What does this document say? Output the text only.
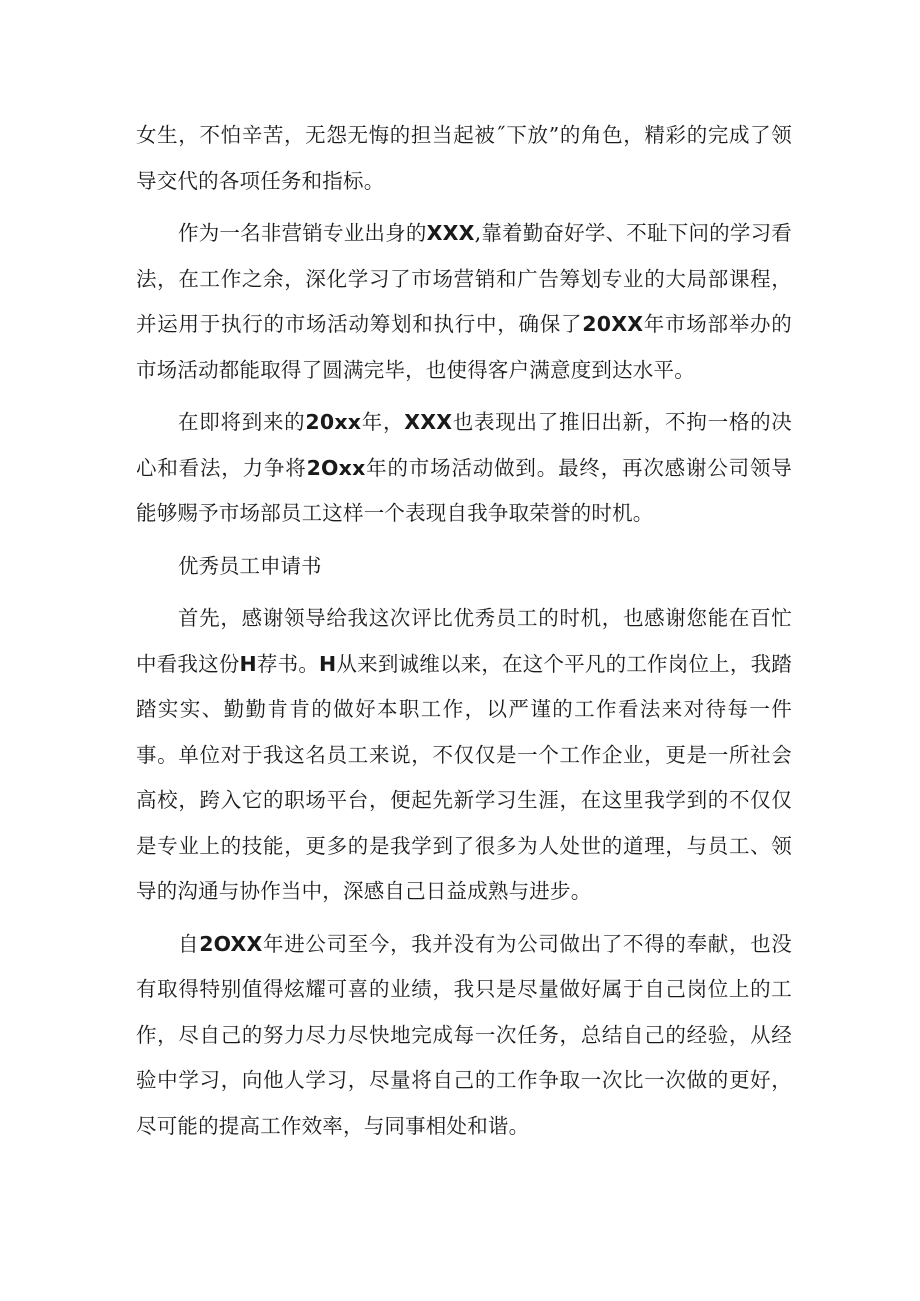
女生，不怕辛苦，无怨无悔的担当起被˝下放”的角色，精彩的完成了领导交代的各项任务和指标。

作为一名非营销专业出身的XXX,靠着勤奋好学、不耻下问的学习看法，在工作之余，深化学习了市场营销和广告筹划专业的大局部课程，并运用于执行的市场活动筹划和执行中，确保了20XX年市场部举办的市场活动都能取得了圆满完毕，也使得客户满意度到达水平。

在即将到来的20xx年，XXX也表现出了推旧出新，不拘一格的决心和看法，力争将2Oxx年的市场活动做到。最终，再次感谢公司领导能够赐予市场部员工这样一个表现自我争取荣誉的时机。

优秀员工申请书

首先，感谢领导给我这次评比优秀员工的时机，也感谢您能在百忙中看我这份H荐书。H从来到诚维以来，在这个平凡的工作岗位上，我踏踏实实、勤勤肯肯的做好本职工作，以严谨的工作看法来对待每一件事。单位对于我这名员工来说，不仅仅是一个工作企业，更是一所社会高校，跨入它的职场平台，便起先新学习生涯，在这里我学到的不仅仅是专业上的技能，更多的是我学到了很多为人处世的道理，与员工、领导的沟通与协作当中，深感自己日益成熟与进步。

自2OXX年进公司至今，我并没有为公司做出了不得的奉献，也没有取得特别值得炫耀可喜的业绩，我只是尽量做好属于自己岗位上的工作，尽自己的努力尽力尽快地完成每一次任务，总结自己的经验，从经验中学习，向他人学习，尽量将自己的工作争取一次比一次做的更好，尽可能的提高工作效率，与同事相处和谐。
